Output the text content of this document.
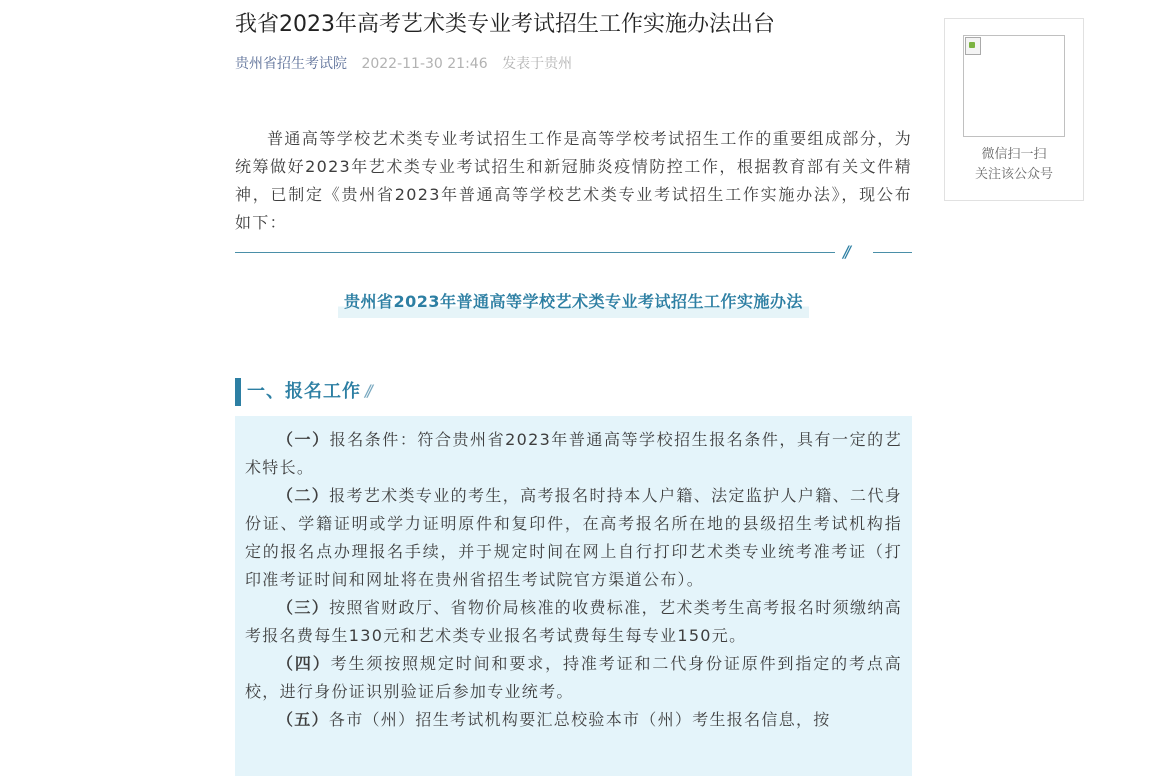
我省2023年高考艺术类专业考试招生工作实施办法出台
贵州省招生考试院 2022-11-30 21:46 发表于贵州

普通高等学校艺术类专业考试招生工作是高等学校考试招生工作的重要组成部分，为统筹做好2023年艺术类专业考试招生和新冠肺炎疫情防控工作，根据教育部有关文件精神，已制定《贵州省2023年普通高等学校艺术类专业考试招生工作实施办法》，现公布如下：

//
贵州省2023年普通高等学校艺术类专业考试招生工作实施办法
一、报名工作 //

（一）报名条件：符合贵州省2023年普通高等学校招生报名条件，具有一定的艺术特长。

（二）报考艺术类专业的考生，高考报名时持本人户籍、法定监护人户籍、二代身份证、学籍证明或学力证明原件和复印件，在高考报名所在地的县级招生考试机构指定的报名点办理报名手续，并于规定时间在网上自行打印艺术类专业统考准考证（打印准考证时间和网址将在贵州省招生考试院官方渠道公布）。

（三）按照省财政厅、省物价局核准的收费标准，艺术类考生高考报名时须缴纳高考报名费每生130元和艺术类专业报名考试费每生每专业150元。

（四）考生须按照规定时间和要求，持准考证和二代身份证原件到指定的考点高校，进行身份证识别验证后参加专业统考。

（五）各市（州）招生考试机构要汇总校验本市（州）考生报名信息，按

微信扫一扫
关注该公众号
